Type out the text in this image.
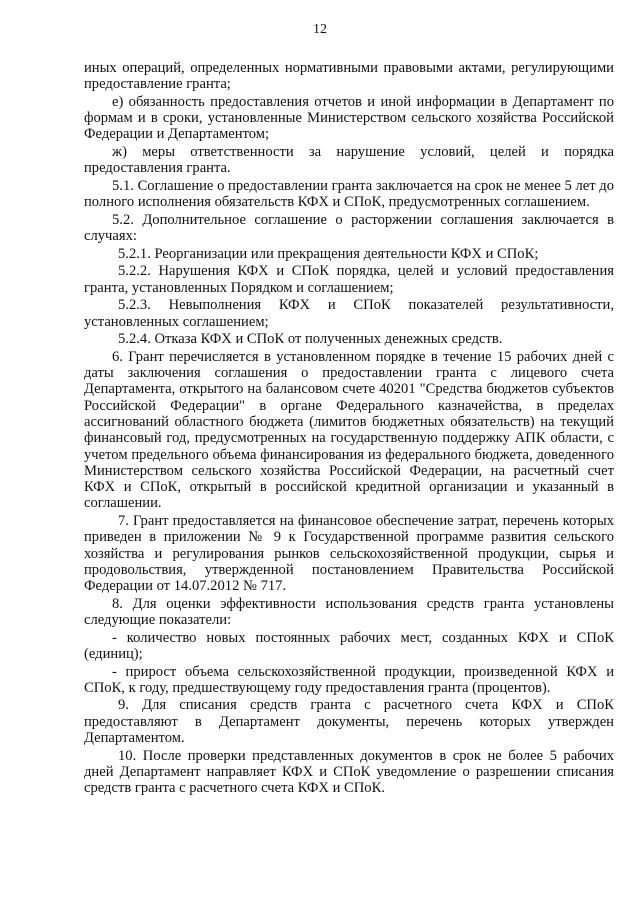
12

иных операций, определенных нормативными правовыми актами, регулирующими предоставление гранта;

е) обязанность предоставления отчетов и иной информации в Департамент по формам и в сроки, установленные Министерством сельского хозяйства Российской Федерации и Департаментом;

ж) меры ответственности за нарушение условий, целей и порядка предоставления гранта.

5.1. Соглашение о предоставлении гранта заключается на срок не менее 5 лет до полного исполнения обязательств КФХ и СПоК, предусмотренных соглашением.

5.2. Дополнительное соглашение о расторжении соглашения заключается в случаях:

5.2.1. Реорганизации или прекращения деятельности КФХ и СПоК;

5.2.2. Нарушения КФХ и СПоК порядка, целей и условий предоставления гранта, установленных Порядком и соглашением;

5.2.3. Невыполнения КФХ и СПоК показателей результативности, установленных соглашением;

5.2.4. Отказа КФХ и СПоК от полученных денежных средств.

6. Грант перечисляется в установленном порядке в течение 15 рабочих дней с даты заключения соглашения о предоставлении гранта с лицевого счета Департамента, открытого на балансовом счете 40201 "Средства бюджетов субъектов Российской Федерации" в органе Федерального казначейства, в пределах ассигнований областного бюджета (лимитов бюджетных обязательств) на текущий финансовый год, предусмотренных на государственную поддержку АПК области, с учетом предельного объема финансирования из федерального бюджета, доведенного Министерством сельского хозяйства Российской Федерации, на расчетный счет КФХ и СПоК, открытый в российской кредитной организации и указанный в соглашении.

7. Грант предоставляется на финансовое обеспечение затрат, перечень которых приведен в приложении № 9 к Государственной программе развития сельского хозяйства и регулирования рынков сельскохозяйственной продукции, сырья и продовольствия, утвержденной постановлением Правительства Российской Федерации от 14.07.2012 № 717.

8. Для оценки эффективности использования средств гранта установлены следующие показатели:

- количество новых постоянных рабочих мест, созданных КФХ и СПоК (единиц);

- прирост объема сельскохозяйственной продукции, произведенной КФХ и СПоК, к году, предшествующему году предоставления гранта (процентов).

9. Для списания средств гранта с расчетного счета КФХ и СПоК предоставляют в Департамент документы, перечень которых утвержден Департаментом.

10. После проверки представленных документов в срок не более 5 рабочих дней Департамент направляет КФХ и СПоК уведомление о разрешении списания средств гранта с расчетного счета КФХ и СПоК.
